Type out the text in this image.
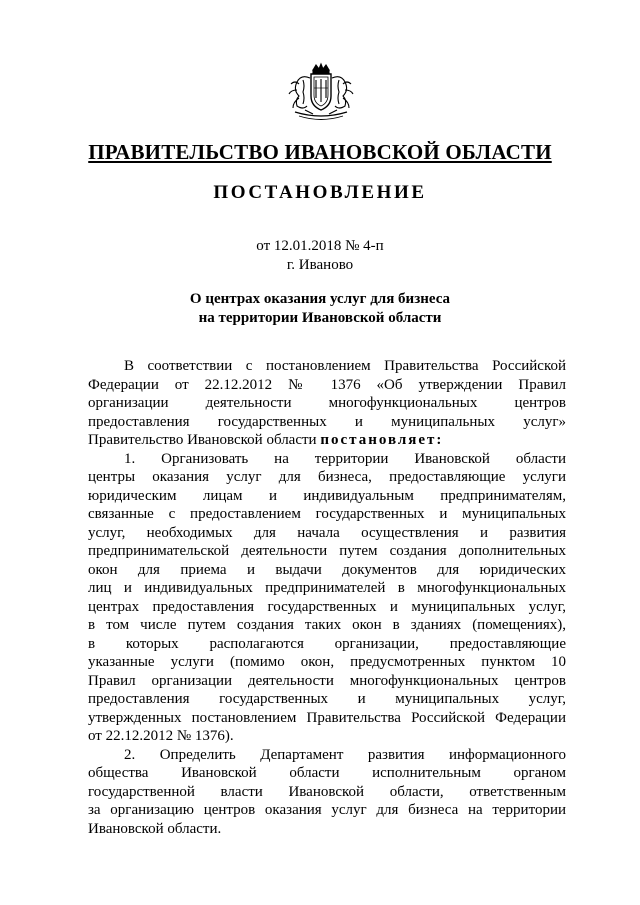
ПРАВИТЕЛЬСТВО ИВАНОВСКОЙ ОБЛАСТИ
ПОСТАНОВЛЕНИЕ
от 12.01.2018 № 4-п
г. Иваново
О центрах оказания услуг для бизнеса
на территории Ивановской области
В соответствии с постановлением Правительства Российской
Федерации от 22.12.2012 № 1376 «Об утверждении Правил
организации деятельности многофункциональных центров
предоставления государственных и муниципальных услуг»
Правительство Ивановской области постановляет:
1. Организовать на территории Ивановской области
центры оказания услуг для бизнеса, предоставляющие услуги
юридическим лицам и индивидуальным предпринимателям,
связанные с предоставлением государственных и муниципальных
услуг, необходимых для начала осуществления и развития
предпринимательской деятельности путем создания дополнительных
окон для приема и выдачи документов для юридических
лиц и индивидуальных предпринимателей в многофункциональных
центрах предоставления государственных и муниципальных услуг,
в том числе путем создания таких окон в зданиях (помещениях),
в которых располагаются организации, предоставляющие
указанные услуги (помимо окон, предусмотренных пунктом 10
Правил организации деятельности многофункциональных центров
предоставления государственных и муниципальных услуг,
утвержденных постановлением Правительства Российской Федерации
от 22.12.2012 № 1376).
2. Определить Департамент развития информационного
общества Ивановской области исполнительным органом
государственной власти Ивановской области, ответственным
за организацию центров оказания услуг для бизнеса на территории
Ивановской области.
